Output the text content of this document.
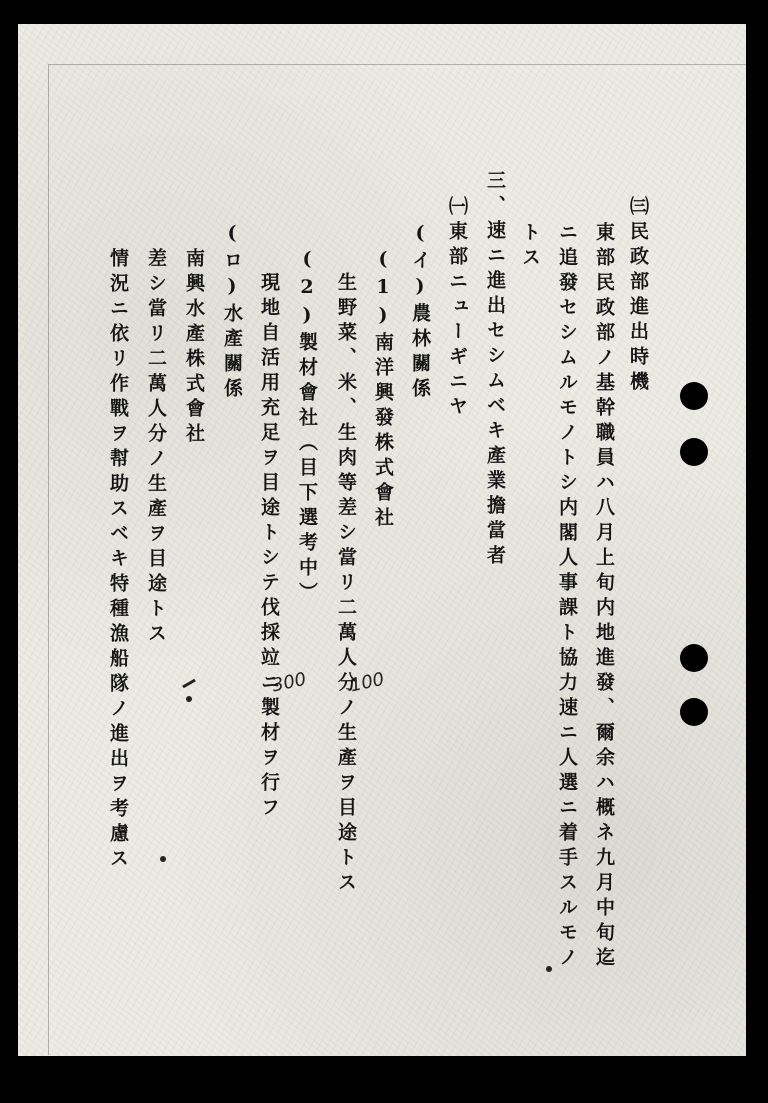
㈢民政部進出時機
東部民政部ノ基幹職員ハ八月上旬内地進發、爾余ハ概ネ九月中旬迄
ニ追發セシムルモノトシ内閣人事課ト協力速ニ人選ニ着手スルモノ
トス
三、速ニ進出セシムベキ產業擔當者
㈠東部ニューギニヤ
(イ)農林關係
(1)南洋興發株式會社
生野菜、米、生肉等差シ當リ二萬人分ノ生產ヲ目途トス
(2)製材會社（目下選考中）
現地自活用充足ヲ目途トシテ伐採竝ニ製材ヲ行フ
(ロ)水產關係
南興水產株式會社
差シ當リ二萬人分ノ生產ヲ目途トス
情況ニ依リ作戰ヲ幇助スベキ特種漁船隊ノ進出ヲ考慮ス	100
300
